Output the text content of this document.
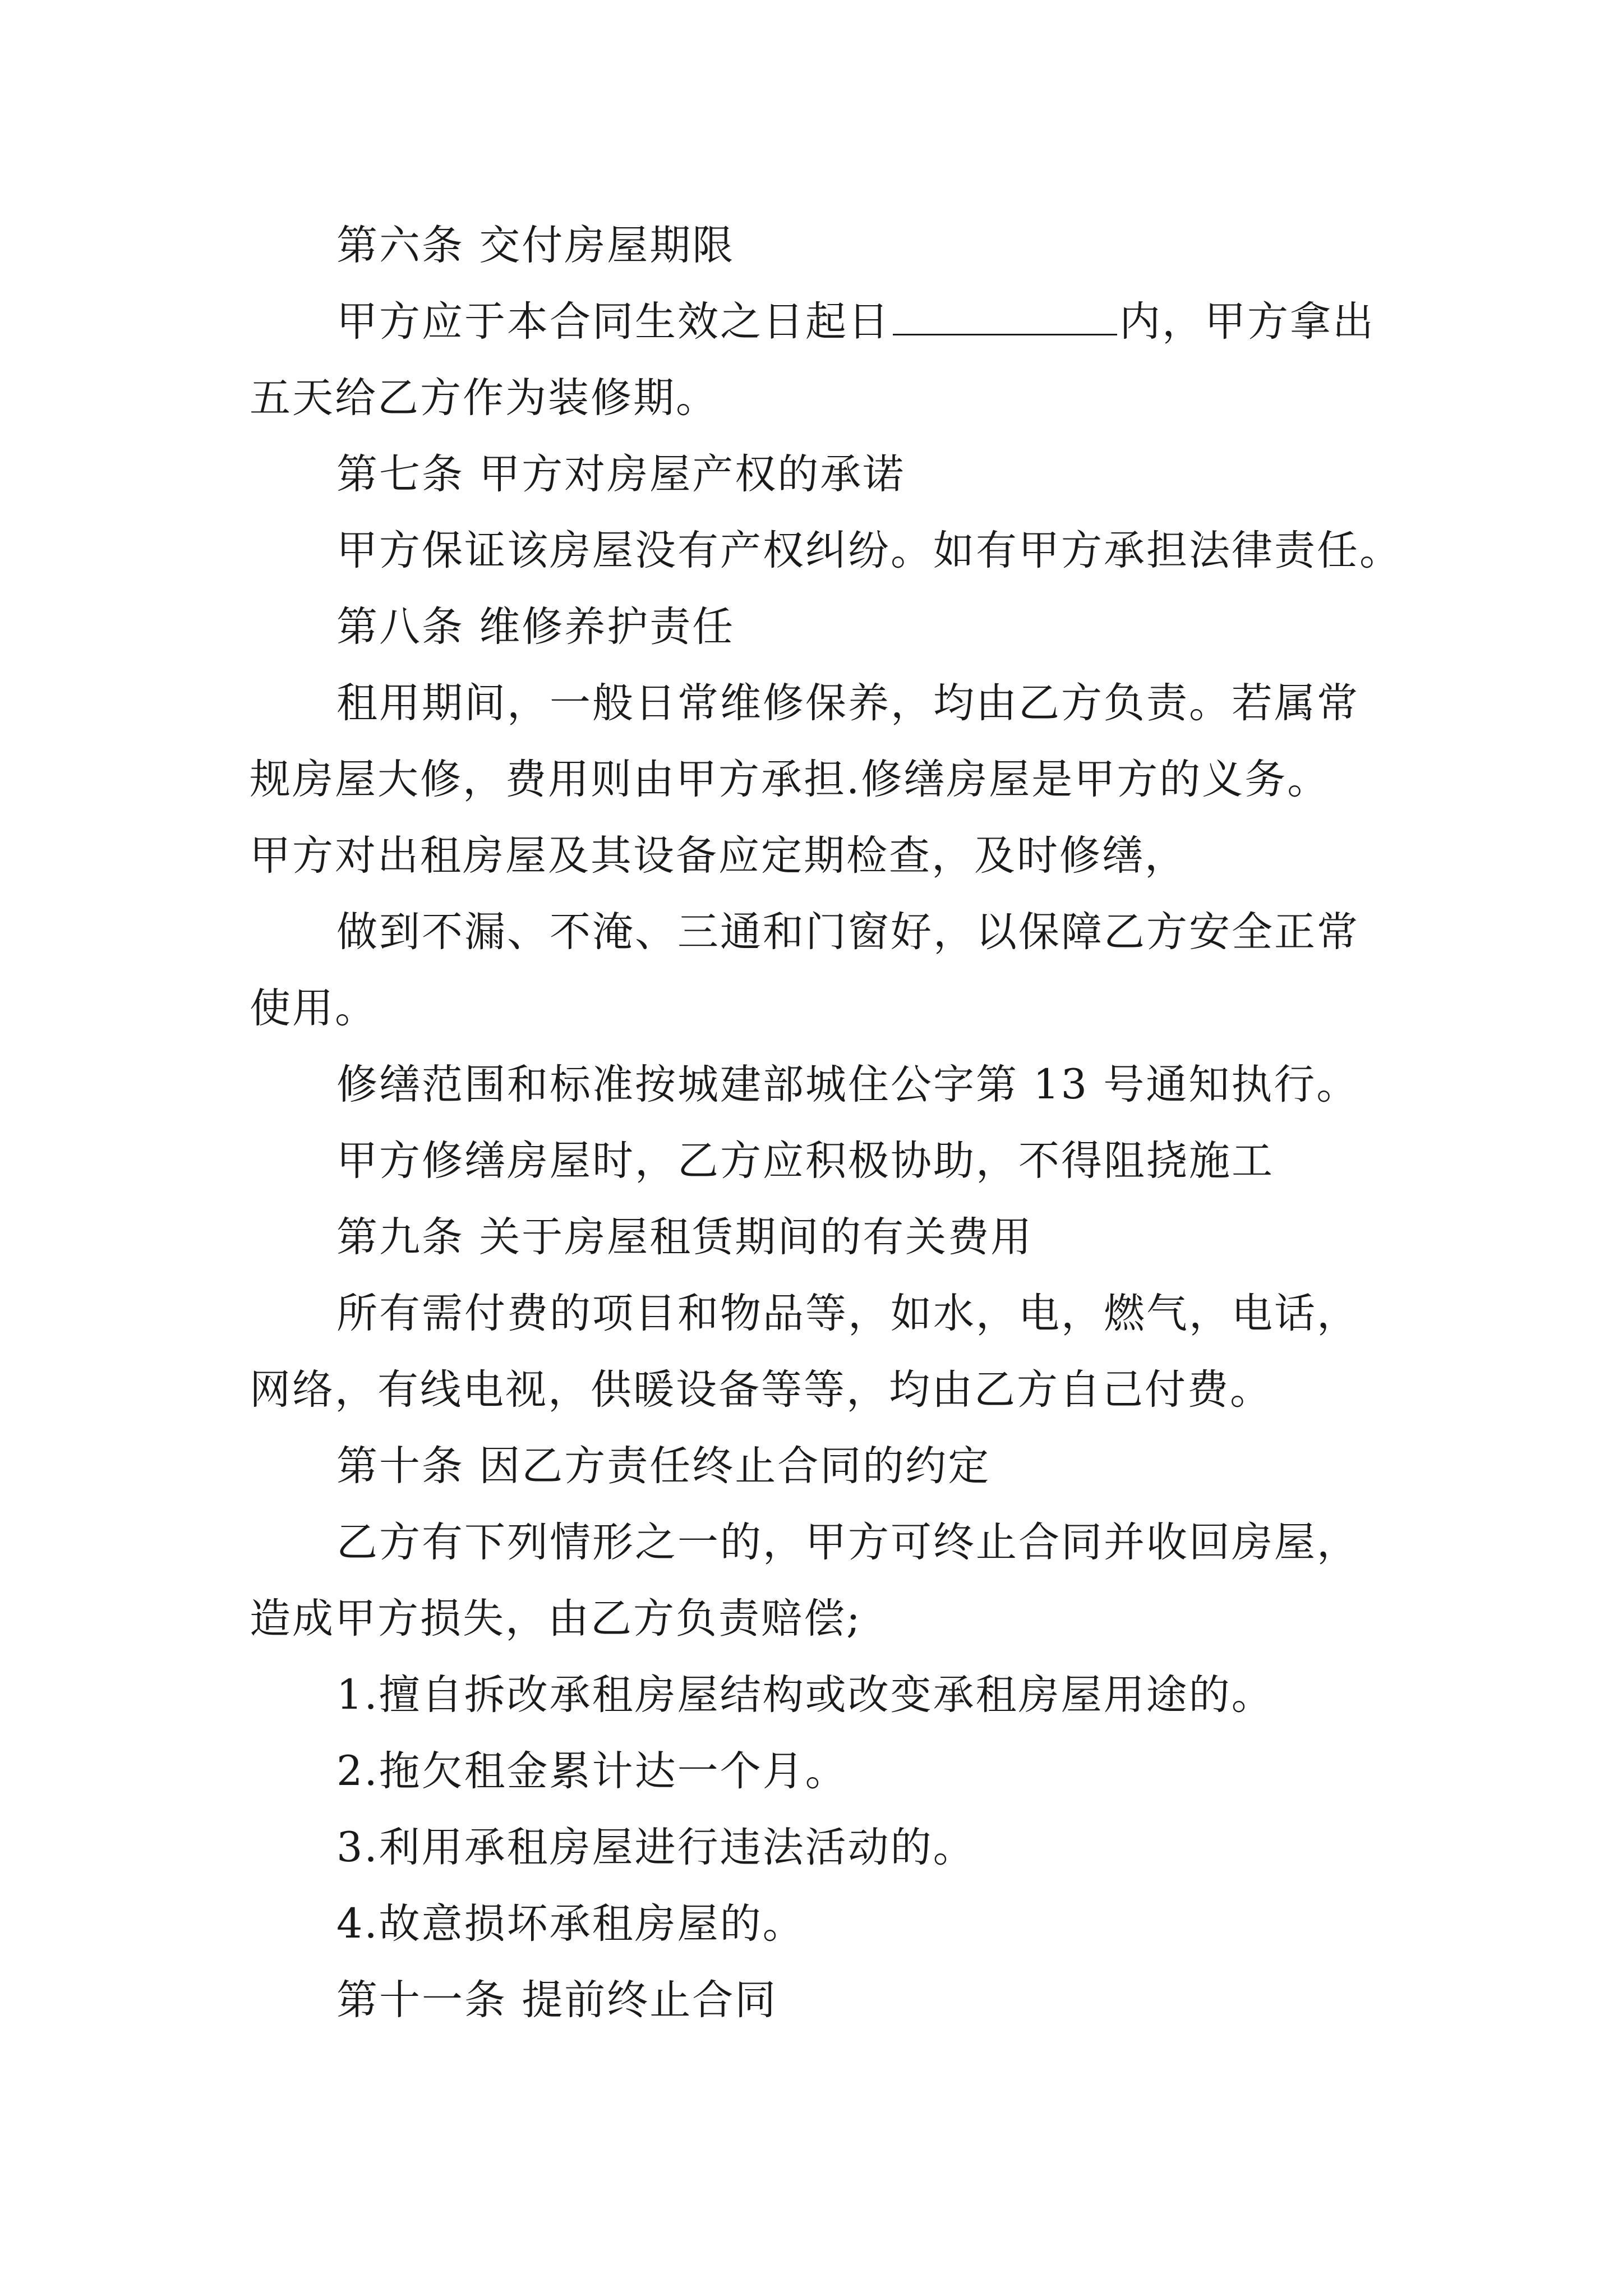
第六条 交付房屋期限
甲方应于本合同生效之日起日	内，甲方拿出
五天给乙方作为装修期。
第七条 甲方对房屋产权的承诺
甲方保证该房屋没有产权纠纷。如有甲方承担法律责任。
第八条 维修养护责任
租用期间，一般日常维修保养，均由乙方负责。若属常
规房屋大修，费用则由甲方承担.修缮房屋是甲方的义务。
甲方对出租房屋及其设备应定期检查，及时修缮，
做到不漏、不淹、三通和门窗好，以保障乙方安全正常
使用。
修缮范围和标准按城建部城住公字第 13 号通知执行。
甲方修缮房屋时，乙方应积极协助，不得阻挠施工
第九条 关于房屋租赁期间的有关费用
所有需付费的项目和物品等，如水，电，燃气，电话，
网络，有线电视，供暖设备等等，均由乙方自己付费。
第十条 因乙方责任终止合同的约定
乙方有下列情形之一的，甲方可终止合同并收回房屋，
造成甲方损失，由乙方负责赔偿;
1.擅自拆改承租房屋结构或改变承租房屋用途的。
2.拖欠租金累计达一个月。
3.利用承租房屋进行违法活动的。
4.故意损坏承租房屋的。
第十一条 提前终止合同
